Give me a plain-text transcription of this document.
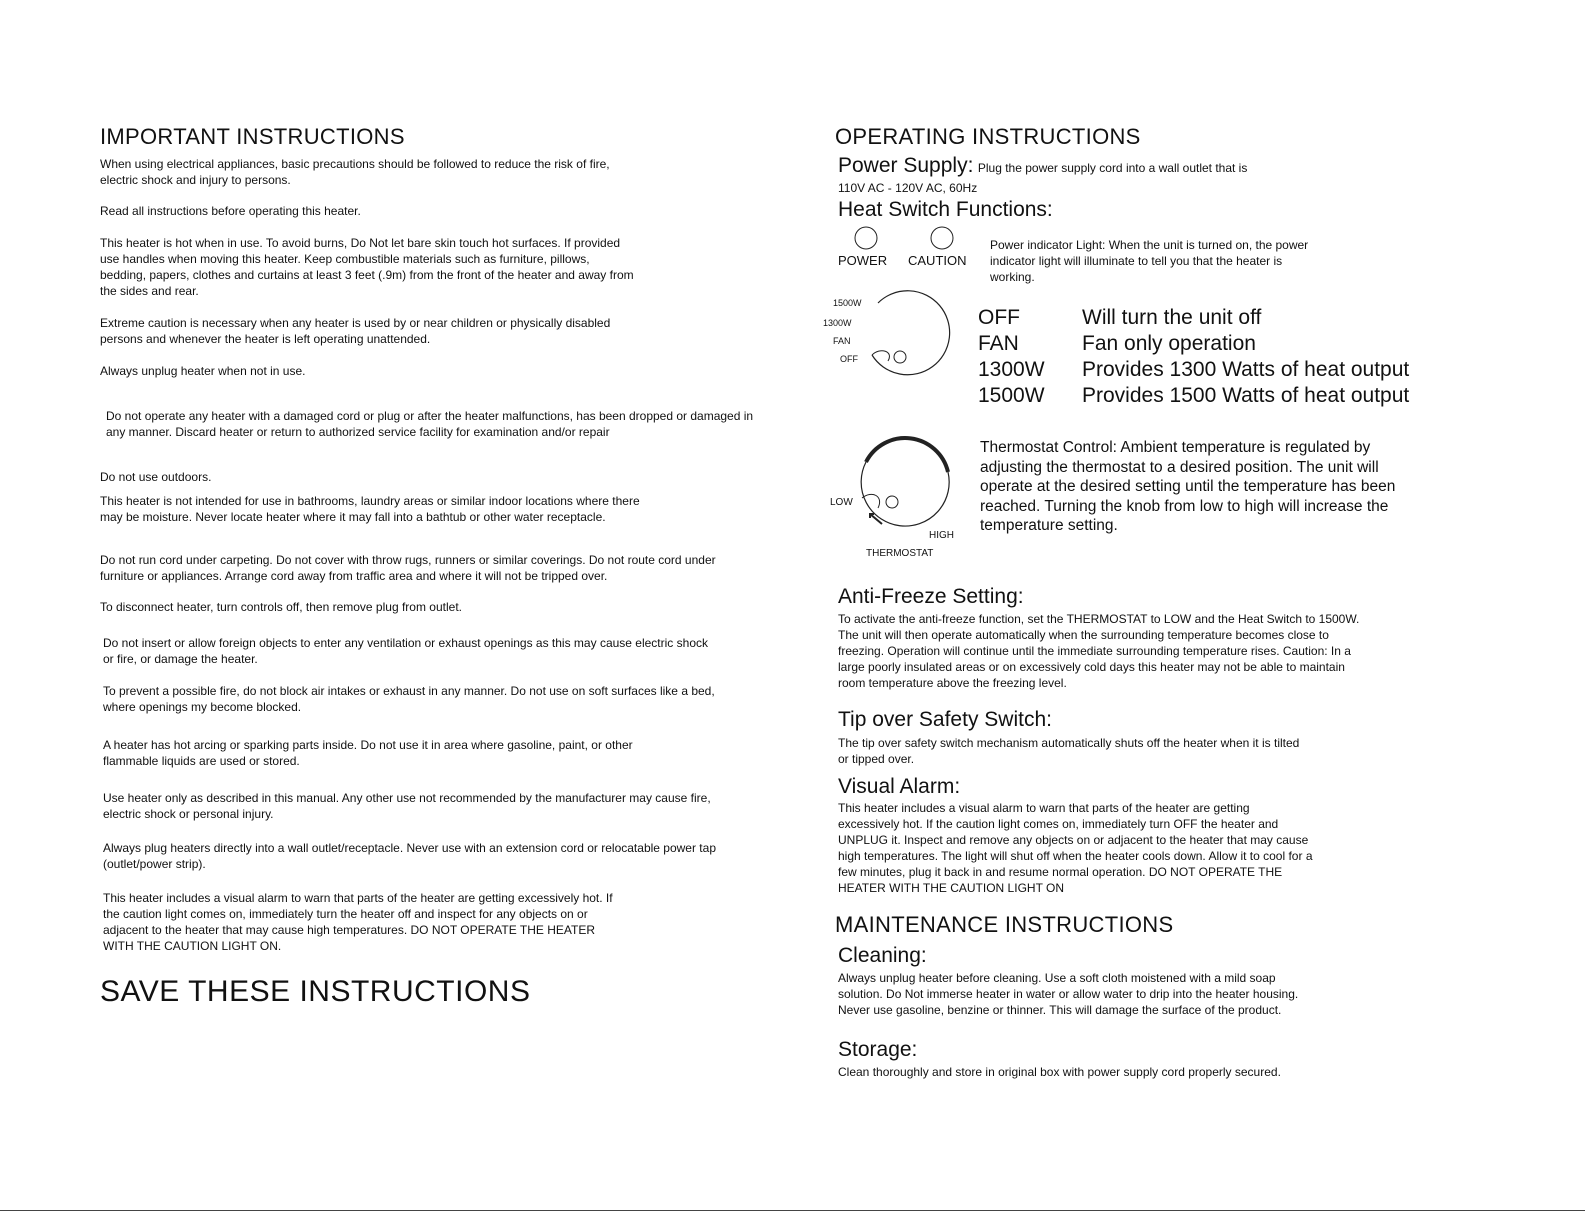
IMPORTANT INSTRUCTIONS

When using electrical appliances, basic precautions should be followed to reduce the risk of fire, electric shock and injury to persons.

Read all instructions before operating this heater.

This heater is hot when in use. To avoid burns, Do Not let bare skin touch hot surfaces. If provided use handles when moving this heater. Keep combustible materials such as furniture, pillows, bedding, papers, clothes and curtains at least 3 feet (.9m) from the front of the heater and away from the sides and rear.

Extreme caution is necessary when any heater is used by or near children or physically disabled persons and whenever the heater is left operating unattended.

Always unplug heater when not in use.

Do not operate any heater with a damaged cord or plug or after the heater malfunctions, has been dropped or damaged in any manner. Discard heater or return to authorized service facility for examination and/or repair

Do not use outdoors.

This heater is not intended for use in bathrooms, laundry areas or similar indoor locations where there may be moisture. Never locate heater where it may fall into a bathtub or other water receptacle.

Do not run cord under carpeting. Do not cover with throw rugs, runners or similar coverings. Do not route cord under furniture or appliances. Arrange cord away from traffic area and where it will not be tripped over.

To disconnect heater, turn controls off, then remove plug from outlet.

Do not insert or allow foreign objects to enter any ventilation or exhaust openings as this may cause electric shock or fire, or damage the heater.

To prevent a possible fire, do not block air intakes or exhaust in any manner. Do not use on soft surfaces like a bed, where openings my become blocked.

A heater has hot arcing or sparking parts inside. Do not use it in area where gasoline, paint, or other flammable liquids are used or stored.

Use heater only as described in this manual. Any other use not recommended by the manufacturer may cause fire, electric shock or personal injury.

Always plug heaters directly into a wall outlet/receptacle. Never use with an extension cord or relocatable power tap (outlet/power strip).

This heater includes a visual alarm to warn that parts of the heater are getting excessively hot. If the caution light comes on, immediately turn the heater off and inspect for any objects on or adjacent to the heater that may cause high temperatures. DO NOT OPERATE THE HEATER WITH THE CAUTION LIGHT ON.

SAVE THESE INSTRUCTIONS
OPERATING INSTRUCTIONS
Power Supply: Plug the power supply cord into a wall outlet that is
110V AC - 120V AC, 60Hz
Heat Switch Functions:
POWER CAUTION

Power indicator Light: When the unit is turned on, the power indicator light will illuminate to tell you that the heater is working.

1500W
1300W
FAN
OFF
OFF	Will turn the unit off
FAN	Fan only operation
1300W	Provides 1300 Watts of heat output
1500W	Provides 1500 Watts of heat output
LOW
HIGH
THERMOSTAT

Thermostat Control: Ambient temperature is regulated by adjusting the thermostat to a desired position. The unit will operate at the desired setting until the temperature has been reached. Turning the knob from low to high will increase the temperature setting.

Anti-Freeze Setting:

To activate the anti-freeze function, set the THERMOSTAT to LOW and the Heat Switch to 1500W. The unit will then operate automatically when the surrounding temperature becomes close to freezing. Operation will continue until the immediate surrounding temperature rises. Caution: In a large poorly insulated areas or on excessively cold days this heater may not be able to maintain room temperature above the freezing level.

Tip over Safety Switch:

The tip over safety switch mechanism automatically shuts off the heater when it is tilted or tipped over.

Visual Alarm:

This heater includes a visual alarm to warn that parts of the heater are getting excessively hot. If the caution light comes on, immediately turn OFF the heater and UNPLUG it. Inspect and remove any objects on or adjacent to the heater that may cause high temperatures. The light will shut off when the heater cools down. Allow it to cool for a few minutes, plug it back in and resume normal operation. DO NOT OPERATE THE HEATER WITH THE CAUTION LIGHT ON

MAINTENANCE INSTRUCTIONS
Cleaning:

Always unplug heater before cleaning. Use a soft cloth moistened with a mild soap solution. Do Not immerse heater in water or allow water to drip into the heater housing. Never use gasoline, benzine or thinner. This will damage the surface of the product.

Storage:

Clean thoroughly and store in original box with power supply cord properly secured.
